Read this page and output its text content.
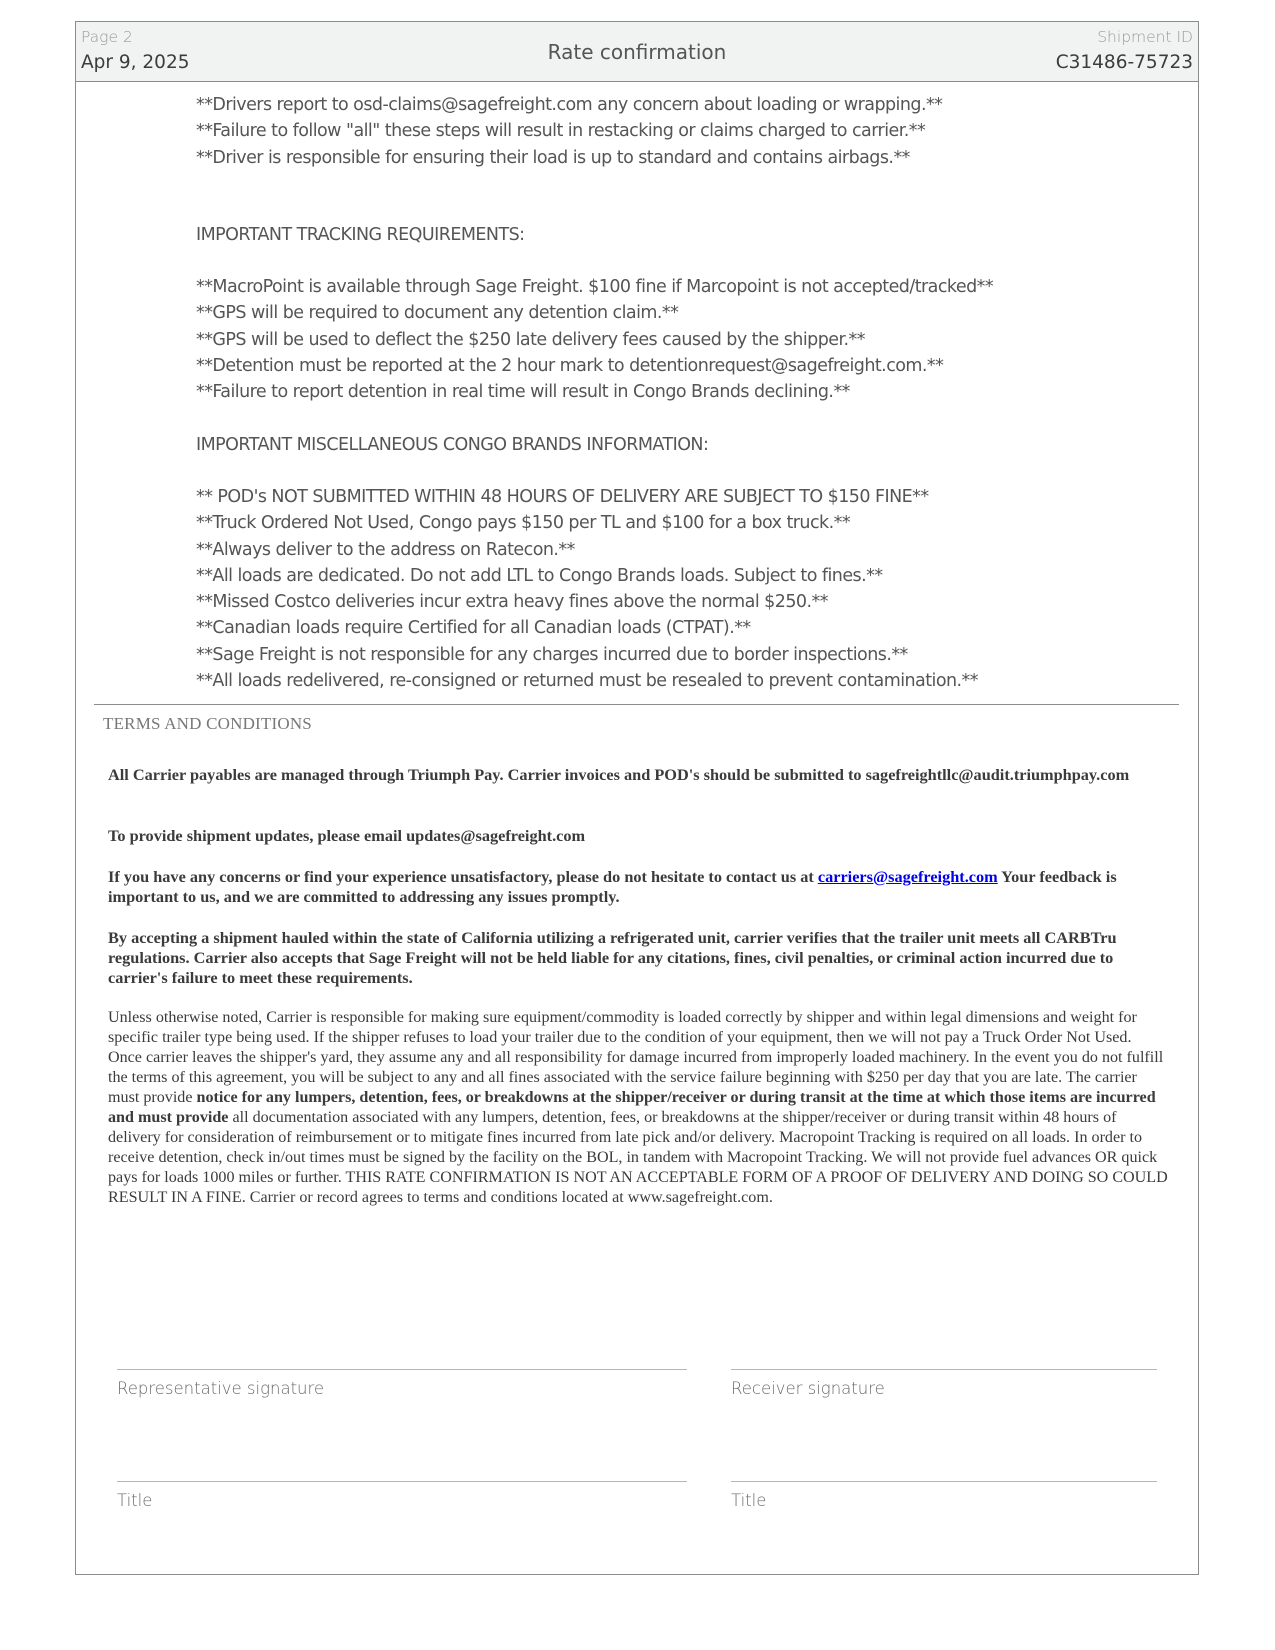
Page 2
Apr 9, 2025	Rate confirmation
Shipment ID
C31486-75723
**Drivers report to osd-claims@sagefreight.com any concern about loading or wrapping.**
**Failure to follow "all" these steps will result in restacking or claims charged to carrier.**
**Driver is responsible for ensuring their load is up to standard and contains airbags.**
IMPORTANT TRACKING REQUIREMENTS:
**MacroPoint is available through Sage Freight. $100 fine if Marcopoint is not accepted/tracked**
**GPS will be required to document any detention claim.**
**GPS will be used to deflect the $250 late delivery fees caused by the shipper.**
**Detention must be reported at the 2 hour mark to detentionrequest@sagefreight.com.**
**Failure to report detention in real time will result in Congo Brands declining.**
IMPORTANT MISCELLANEOUS CONGO BRANDS INFORMATION:
** POD's NOT SUBMITTED WITHIN 48 HOURS OF DELIVERY ARE SUBJECT TO $150 FINE**
**Truck Ordered Not Used, Congo pays $150 per TL and $100 for a box truck.**
**Always deliver to the address on Ratecon.**
**All loads are dedicated. Do not add LTL to Congo Brands loads. Subject to fines.**
**Missed Costco deliveries incur extra heavy fines above the normal $250.**
**Canadian loads require Certified for all Canadian loads (CTPAT).**
**Sage Freight is not responsible for any charges incurred due to border inspections.**
**All loads redelivered, re-consigned or returned must be resealed to prevent contamination.**
TERMS AND CONDITIONS
All Carrier payables are managed through Triumph Pay. Carrier invoices and POD's should be submitted to sagefreightllc@audit.triumphpay.com
To provide shipment updates, please email updates@sagefreight.com
If you have any concerns or find your experience unsatisfactory, please do not hesitate to contact us at carriers@sagefreight.com Your feedback is important to us, and we are committed to addressing any issues promptly.
By accepting a shipment hauled within the state of California utilizing a refrigerated unit, carrier verifies that the trailer unit meets all CARBTru regulations. Carrier also accepts that Sage Freight will not be held liable for any citations, fines, civil penalties, or criminal action incurred due to carrier's failure to meet these requirements.
Unless otherwise noted, Carrier is responsible for making sure equipment/commodity is loaded correctly by shipper and within legal dimensions and weight for specific trailer type being used. If the shipper refuses to load your trailer due to the condition of your equipment, then we will not pay a Truck Order Not Used. Once carrier leaves the shipper's yard, they assume any and all responsibility for damage incurred from improperly loaded machinery. In the event you do not fulfill the terms of this agreement, you will be subject to any and all fines associated with the service failure beginning with $250 per day that you are late. The carrier must provide notice for any lumpers, detention, fees, or breakdowns at the shipper/receiver or during transit at the time at which those items are incurred and must provide all documentation associated with any lumpers, detention, fees, or breakdowns at the shipper/receiver or during transit within 48 hours of delivery for consideration of reimbursement or to mitigate fines incurred from late pick and/or delivery. Macropoint Tracking is required on all loads. In order to receive detention, check in/out times must be signed by the facility on the BOL, in tandem with Macropoint Tracking. We will not provide fuel advances OR quick pays for loads 1000 miles or further. THIS RATE CONFIRMATION IS NOT AN ACCEPTABLE FORM OF A PROOF OF DELIVERY AND DOING SO COULD RESULT IN A FINE. Carrier or record agrees to terms and conditions located at www.sagefreight.com.
Representative signature	Receiver signature
Title	Title
